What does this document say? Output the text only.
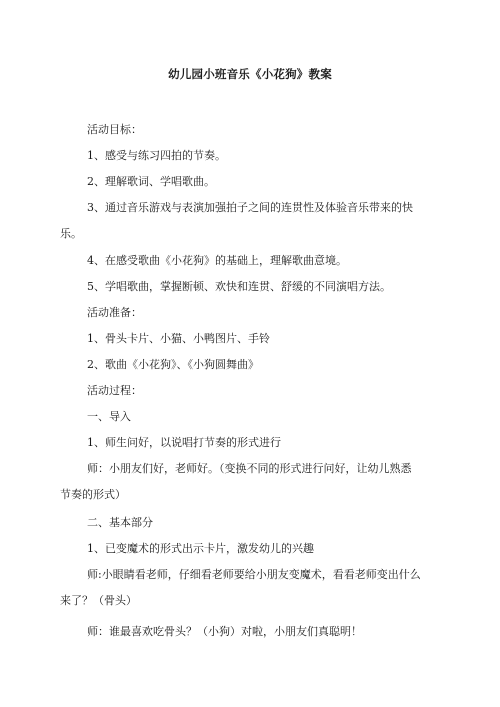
幼儿园小班音乐《小花狗》教案
活动目标：
1、感受与练习四拍的节奏。
2、理解歌词、学唱歌曲。
3、通过音乐游戏与表演加强拍子之间的连贯性及体验音乐带来的快
乐。
4、在感受歌曲《小花狗》的基础上，理解歌曲意境。
5、学唱歌曲，掌握断顿、欢快和连贯、舒缓的不同演唱方法。
活动准备：
1、骨头卡片、小猫、小鸭图片、手铃
2、歌曲《小花狗》、《小狗圆舞曲》
活动过程：
一、导入
1、师生问好，以说唱打节奏的形式进行
师：小朋友们好，老师好。（变换不同的形式进行问好，让幼儿熟悉
节奏的形式）
二、基本部分
1、已变魔术的形式出示卡片，激发幼儿的兴趣
师:小眼睛看老师，仔细看老师要给小朋友变魔术，看看老师变出什么
来了？（骨头）
师：谁最喜欢吃骨头？（小狗）对啦，小朋友们真聪明！
